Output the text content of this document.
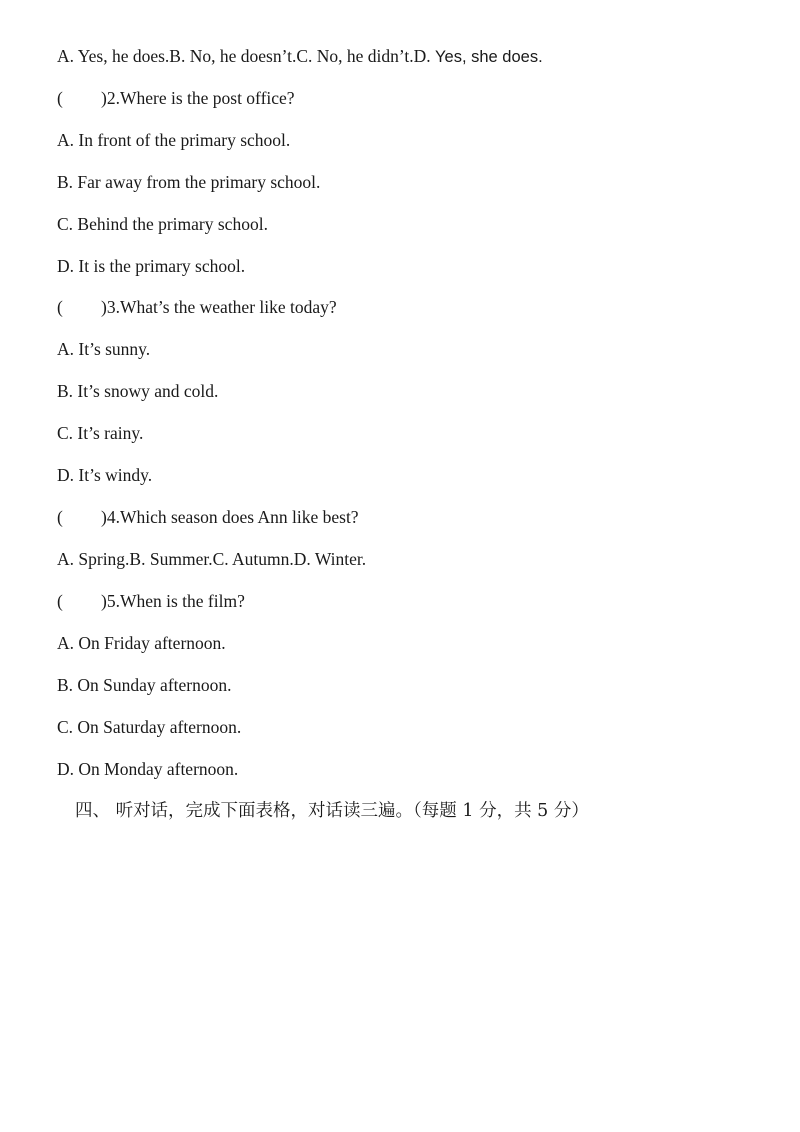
A. Yes, he does.B. No, he doesn’t.C. No, he didn’t.D. Yes, she does.
( )2.Where is the post office?
A. In front of the primary school.
B. Far away from the primary school.
C. Behind the primary school.
D. It is the primary school.
( )3.What’s the weather like today?
A. It’s sunny.
B. It’s snowy and cold.
C. It’s rainy.
D. It’s windy.
( )4.Which season does Ann like best?
A. Spring.B. Summer.C. Autumn.D. Winter.
( )5.When is the film?
A. On Friday afternoon.
B. On Sunday afternoon.
C. On Saturday afternoon.
D. On Monday afternoon.
四、 听对话，完成下面表格，对话读三遍。（每题 1 分，共 5 分）
